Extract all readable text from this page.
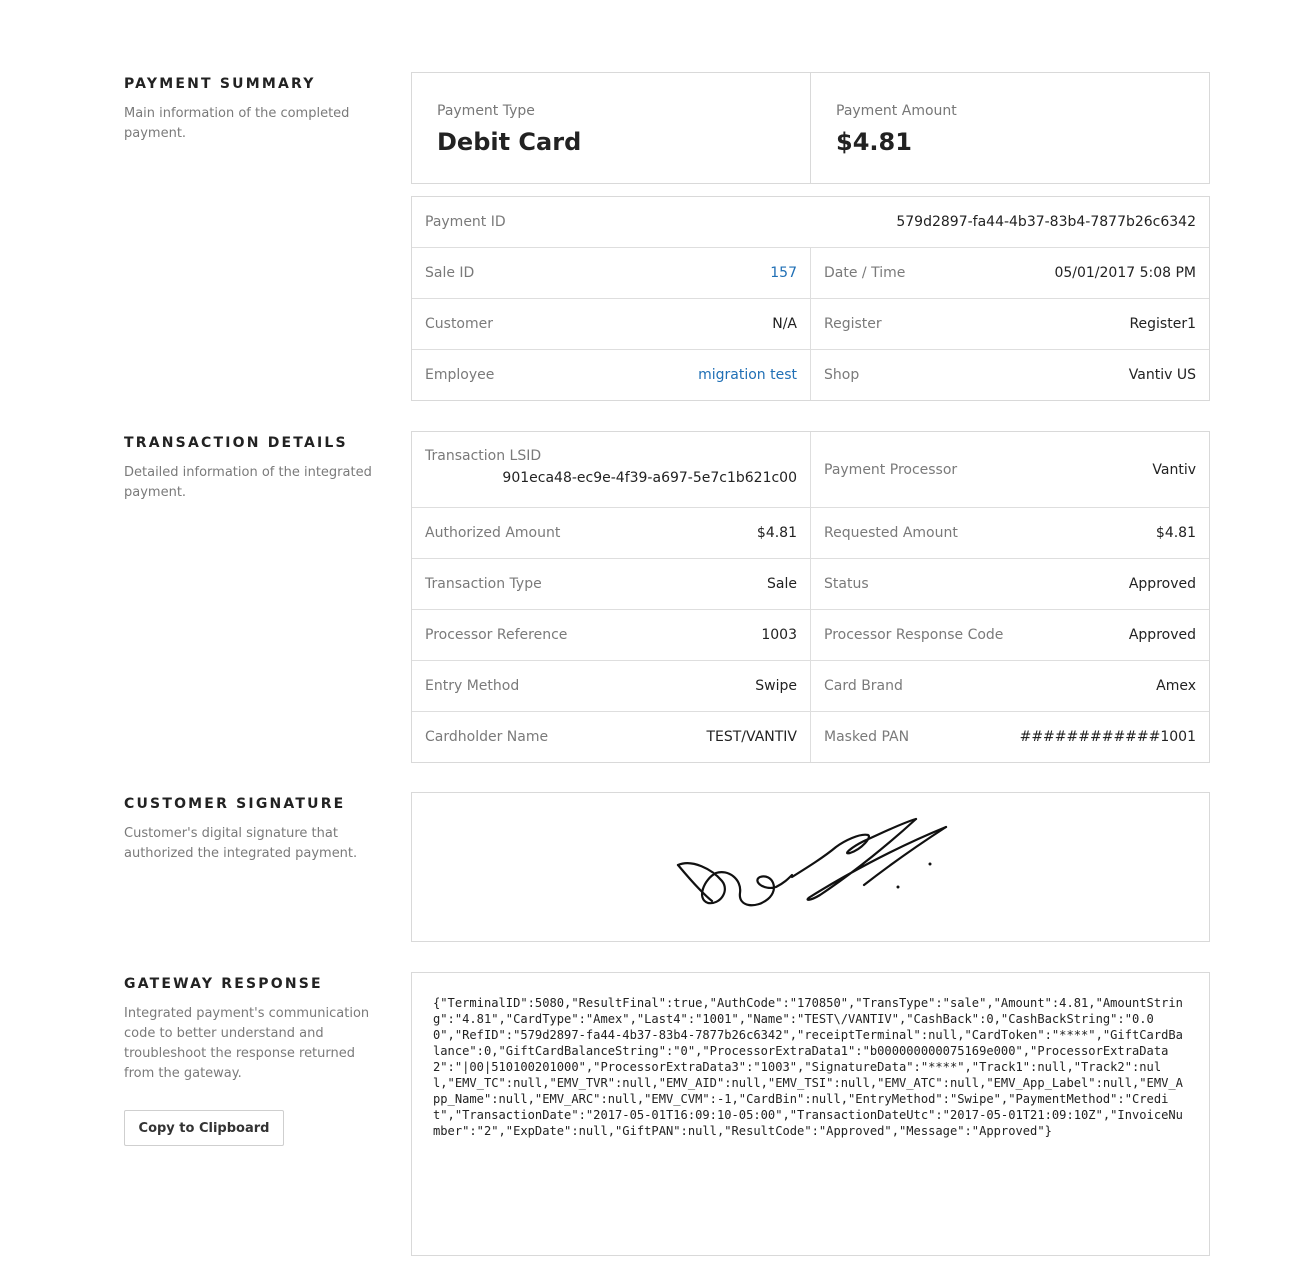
PAYMENT SUMMARY

Main information of the completed payment.

Payment Type
Debit Card
Payment Amount
$4.81
Payment ID	579d2897-fa44-4b37-83b4-7877b26c6342
Sale ID	157 Date / Time	05/01/2017 5:08 PM
Customer	N/A Register	Register1
Employee	migration test Shop	Vantiv US
TRANSACTION DETAILS

Detailed information of the integrated payment.

Transaction LSID
901eca48-ec9e-4f39-a697-5e7c1b621c00
Payment Processor	Vantiv
Authorized Amount	$4.81 Requested Amount	$4.81
Transaction Type	Sale Status	Approved
Processor Reference	1003 Processor Response Code	Approved
Entry Method	Swipe Card Brand	Amex
Cardholder Name	TEST/VANTIV Masked PAN	############1001
CUSTOMER SIGNATURE

Customer's digital signature that authorized the integrated payment.

GATEWAY RESPONSE

Integrated payment's communication code to better understand and troubleshoot the response returned from the gateway.

Copy to Clipboard
{"TerminalID":5080,"ResultFinal":true,"AuthCode":"170850","TransType":"sale","Amount":4.81,"AmountString":"4.81","CardType":"Amex","Last4":"1001","Name":"TEST\/VANTIV","CashBack":0,"CashBackString":"0.00","RefID":"579d2897-fa44-4b37-83b4-7877b26c6342","receiptTerminal":null,"CardToken":"****","GiftCardBalance":0,"GiftCardBalanceString":"0","ProcessorExtraData1":"b000000000075169e000","ProcessorExtraData2":"|00|510100201000","ProcessorExtraData3":"1003","SignatureData":"****","Track1":null,"Track2":null,"EMV_TC":null,"EMV_TVR":null,"EMV_AID":null,"EMV_TSI":null,"EMV_ATC":null,"EMV_App_Label":null,"EMV_App_Name":null,"EMV_ARC":null,"EMV_CVM":-1,"CardBin":null,"EntryMethod":"Swipe","PaymentMethod":"Credit","TransactionDate":"2017-05-01T16:09:10-05:00","TransactionDateUtc":"2017-05-01T21:09:10Z","InvoiceNumber":"2","ExpDate":null,"GiftPAN":null,"ResultCode":"Approved","Message":"Approved"}
